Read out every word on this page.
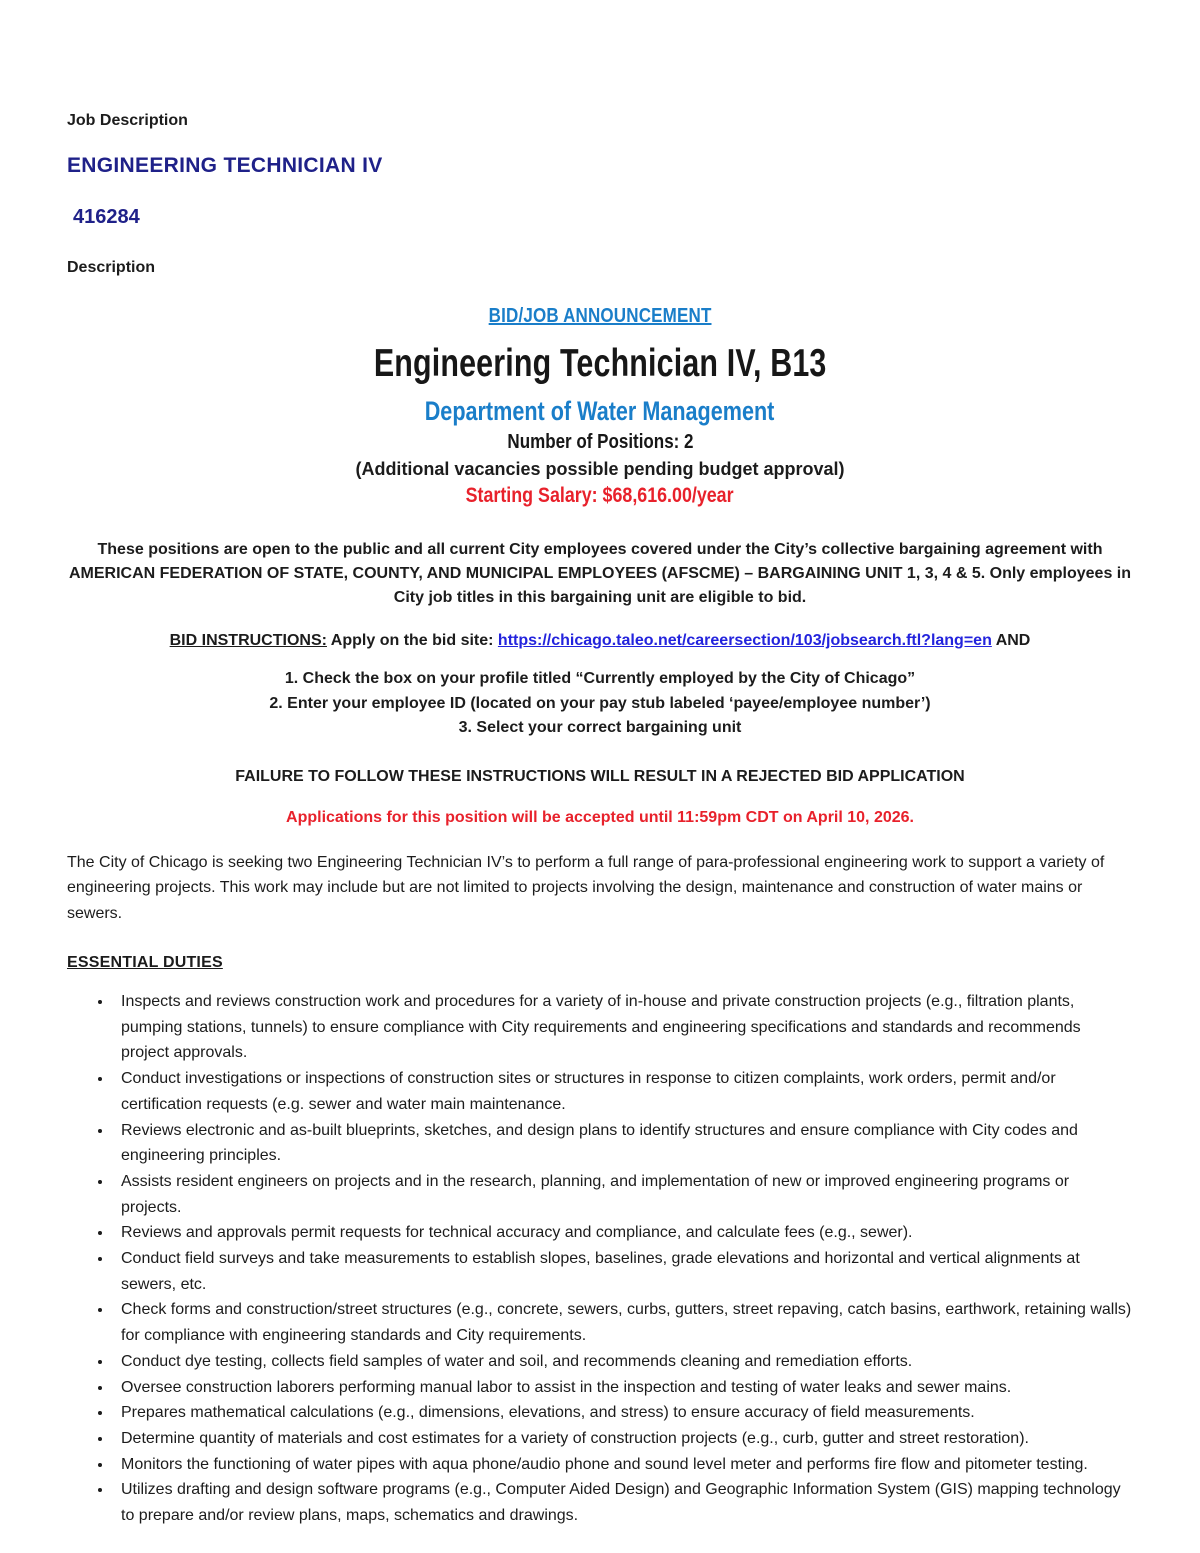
Job Description
ENGINEERING TECHNICIAN IV
416284
Description
BID/JOB ANNOUNCEMENT
Engineering Technician IV, B13
Department of Water Management
Number of Positions: 2
(Additional vacancies possible pending budget approval)
Starting Salary: $68,616.00/year
These positions are open to the public and all current City employees covered under the City’s collective bargaining agreement with AMERICAN FEDERATION OF STATE, COUNTY, AND MUNICIPAL EMPLOYEES (AFSCME) – BARGAINING UNIT 1, 3, 4 & 5. Only employees in City job titles in this bargaining unit are eligible to bid.
BID INSTRUCTIONS: Apply on the bid site: https://chicago.taleo.net/careersection/103/jobsearch.ftl?lang=en AND
1. Check the box on your profile titled “Currently employed by the City of Chicago”
2. Enter your employee ID (located on your pay stub labeled ‘payee/employee number’)
3. Select your correct bargaining unit
FAILURE TO FOLLOW THESE INSTRUCTIONS WILL RESULT IN A REJECTED BID APPLICATION
Applications for this position will be accepted until 11:59pm CDT on April 10, 2026.
The City of Chicago is seeking two Engineering Technician IV’s to perform a full range of para-professional engineering work to support a variety of engineering projects. This work may include but are not limited to projects involving the design, maintenance and construction of water mains or sewers.
ESSENTIAL DUTIES
• Inspects and reviews construction work and procedures for a variety of in-house and private construction projects (e.g., filtration plants, pumping stations, tunnels) to ensure compliance with City requirements and engineering specifications and standards and recommends project approvals.
• Conduct investigations or inspections of construction sites or structures in response to citizen complaints, work orders, permit and/or certification requests (e.g. sewer and water main maintenance.
• Reviews electronic and as-built blueprints, sketches, and design plans to identify structures and ensure compliance with City codes and engineering principles.
• Assists resident engineers on projects and in the research, planning, and implementation of new or improved engineering programs or projects.
• Reviews and approvals permit requests for technical accuracy and compliance, and calculate fees (e.g., sewer).
• Conduct field surveys and take measurements to establish slopes, baselines, grade elevations and horizontal and vertical alignments at sewers, etc.
• Check forms and construction/street structures (e.g., concrete, sewers, curbs, gutters, street repaving, catch basins, earthwork, retaining walls) for compliance with engineering standards and City requirements.
• Conduct dye testing, collects field samples of water and soil, and recommends cleaning and remediation efforts.
• Oversee construction laborers performing manual labor to assist in the inspection and testing of water leaks and sewer mains.
• Prepares mathematical calculations (e.g., dimensions, elevations, and stress) to ensure accuracy of field measurements.
• Determine quantity of materials and cost estimates for a variety of construction projects (e.g., curb, gutter and street restoration).
• Monitors the functioning of water pipes with aqua phone/audio phone and sound level meter and performs fire flow and pitometer testing.
• Utilizes drafting and design software programs (e.g., Computer Aided Design) and Geographic Information System (GIS) mapping technology to prepare and/or review plans, maps, schematics and drawings.
